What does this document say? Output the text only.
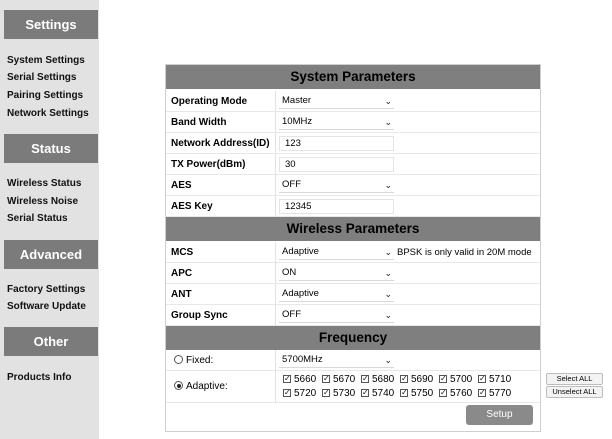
Settings
System Settings
Serial Settings
Pairing Settings
Network Settings
Status
Wireless Status
Wireless Noise
Serial Status
Advanced
Factory Settings
Software Update
Other
Products Info
System Parameters
Operating Mode	Master	⌄
Band Width	10MHz	⌄
Network Address(ID)	123
TX Power(dBm)	30
AES	OFF	⌄
AES Key	12345
Wireless Parameters
MCS	Adaptive	⌄ BPSK is only valid in 20M mode
APC	ON	⌄
ANT	Adaptive	⌄
Group Sync	OFF	⌄
Frequency
Fixed:	5700MHz	⌄
Adaptive:
✓5660 ✓	5670 ✓	5680 ✓	5690 ✓	5700 ✓	5710
✓5720 ✓	5730 ✓	5740 ✓	5750 ✓	5760 ✓	5770
Select ALL
Unselect ALL
Setup
